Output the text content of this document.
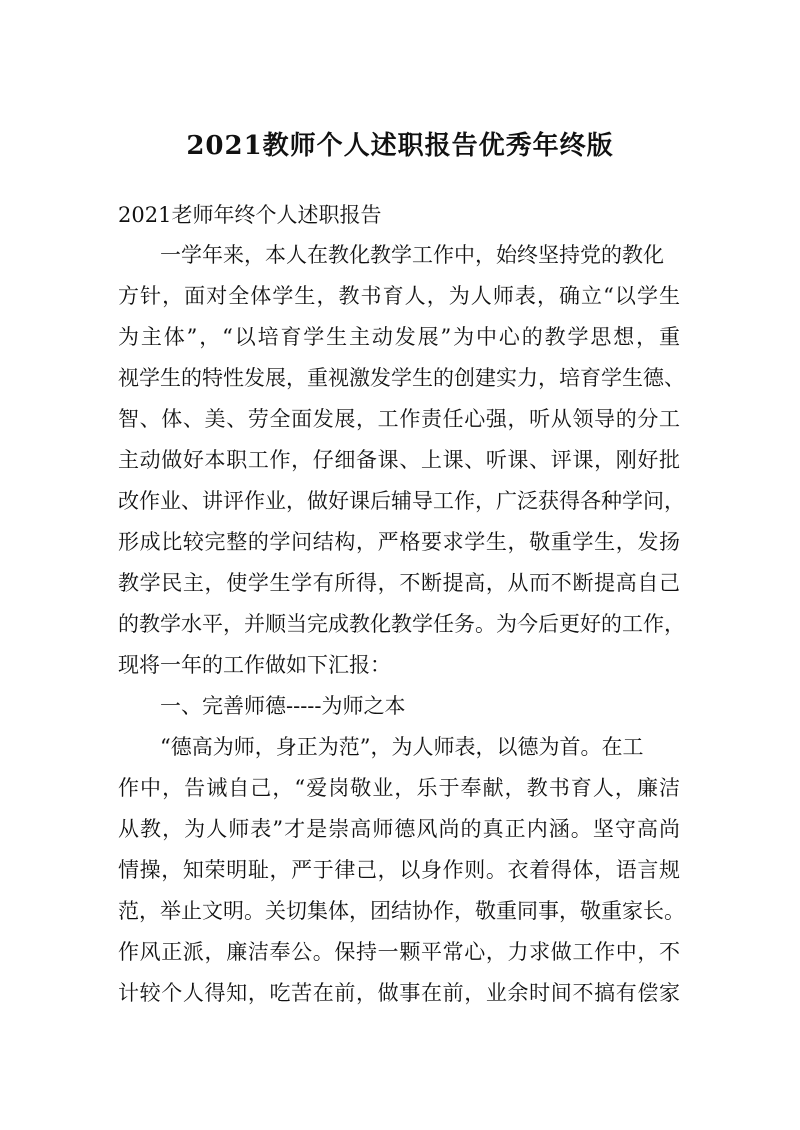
2021教师个人述职报告优秀年终版
2021老师年终个人述职报告
一学年来，本人在教化教学工作中，始终坚持党的教化
方针，面对全体学生，教书育人，为人师表，确立“以学生
为主体”，“以培育学生主动发展”为中心的教学思想，重
视学生的特性发展，重视激发学生的创建实力，培育学生德、
智、体、美、劳全面发展，工作责任心强，听从领导的分工
主动做好本职工作，仔细备课、上课、听课、评课，刚好批
改作业、讲评作业，做好课后辅导工作，广泛获得各种学问，
形成比较完整的学问结构，严格要求学生，敬重学生，发扬
教学民主，使学生学有所得，不断提高，从而不断提高自己
的教学水平，并顺当完成教化教学任务。为今后更好的工作，
现将一年的工作做如下汇报：
一、完善师德-----为师之本
“德高为师，身正为范”，为人师表，以德为首。在工
作中，告诫自己，“爱岗敬业，乐于奉献，教书育人，廉洁
从教，为人师表”才是崇高师德风尚的真正内涵。坚守高尚
情操，知荣明耻，严于律己，以身作则。衣着得体，语言规
范，举止文明。关切集体，团结协作，敬重同事，敬重家长。
作风正派，廉洁奉公。保持一颗平常心，力求做工作中，不
计较个人得知，吃苦在前，做事在前，业余时间不搞有偿家
